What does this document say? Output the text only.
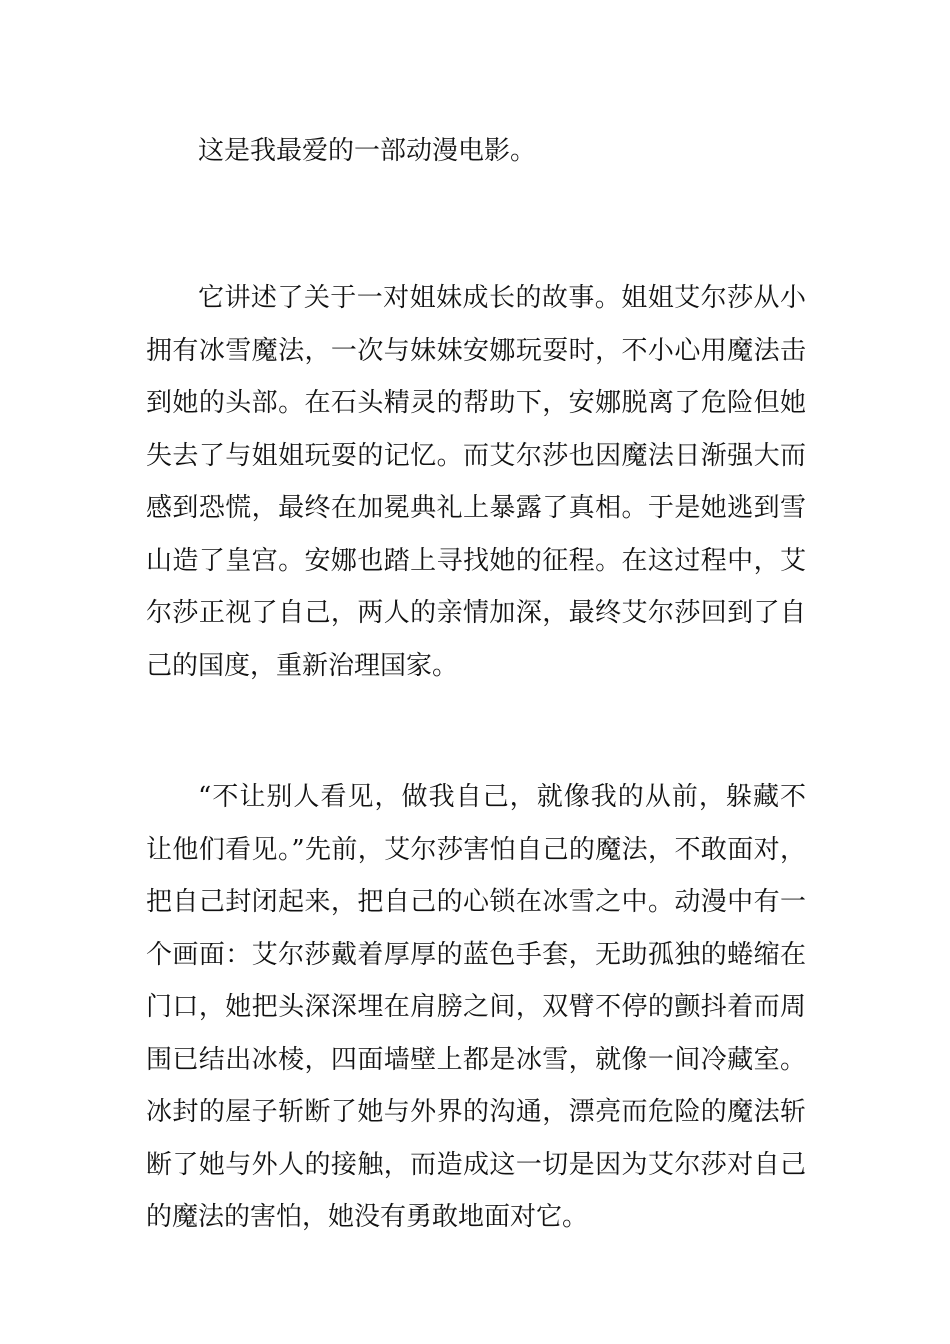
这是我最爱的一部动漫电影。

它讲述了关于一对姐妹成长的故事。姐姐艾尔莎从小拥有冰雪魔法，一次与妹妹安娜玩耍时，不小心用魔法击到她的头部。在石头精灵的帮助下，安娜脱离了危险但她失去了与姐姐玩耍的记忆。而艾尔莎也因魔法日渐强大而感到恐慌，最终在加冕典礼上暴露了真相。于是她逃到雪山造了皇宫。安娜也踏上寻找她的征程。在这过程中，艾尔莎正视了自己，两人的亲情加深，最终艾尔莎回到了自己的国度，重新治理国家。

“不让别人看见，做我自己，就像我的从前，躲藏不让他们看见。”先前，艾尔莎害怕自己的魔法，不敢面对，把自己封闭起来，把自己的心锁在冰雪之中。动漫中有一个画面：艾尔莎戴着厚厚的蓝色手套，无助孤独的蜷缩在门口，她把头深深埋在肩膀之间，双臂不停的颤抖着而周围已结出冰棱，四面墙壁上都是冰雪，就像一间冷藏室。冰封的屋子斩断了她与外界的沟通，漂亮而危险的魔法斩断了她与外人的接触，而造成这一切是因为艾尔莎对自己的魔法的害怕，她没有勇敢地面对它。
